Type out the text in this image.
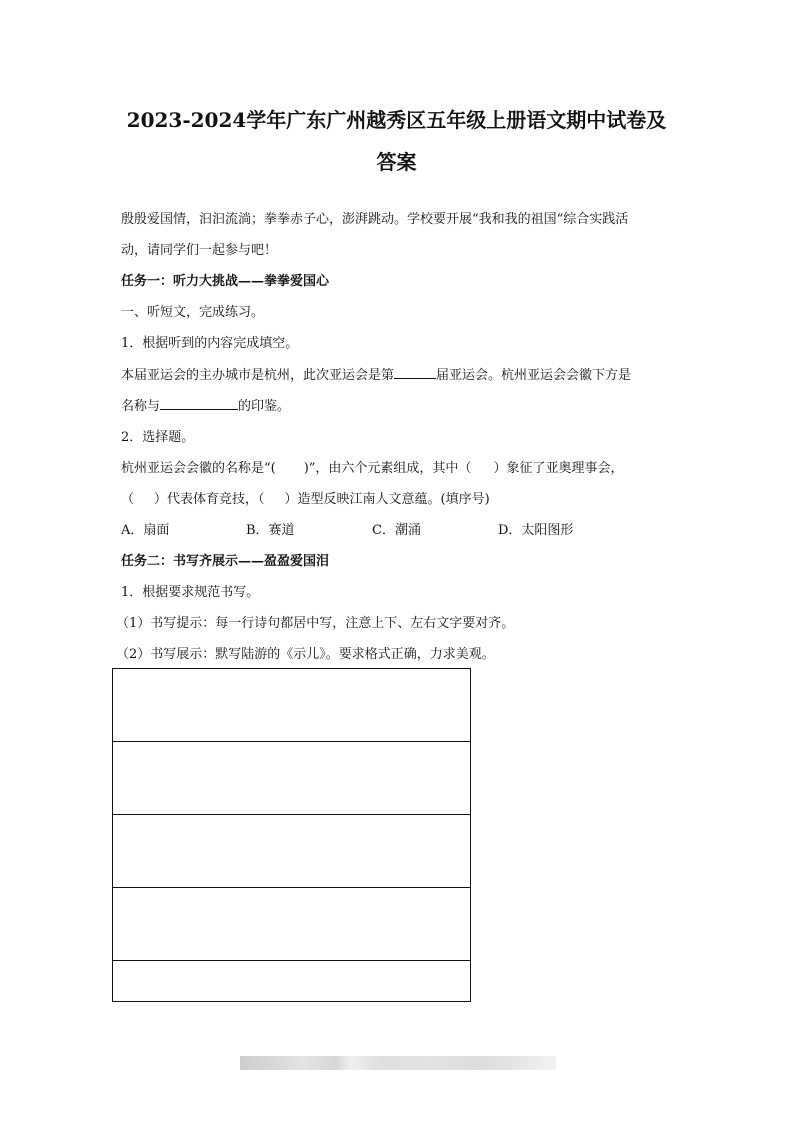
2023-2024学年广东广州越秀区五年级上册语文期中试卷及
答案
殷殷爱国情，汩汩流淌；拳拳赤子心，澎湃跳动。学校要开展“我和我的祖国“综合实践活
动，请同学们一起参与吧！
任务一：听力大挑战——拳拳爱国心
一、听短文，完成练习。
1．根据听到的内容完成填空。
本届亚运会的主办城市是杭州，此次亚运会是第	届亚运会。杭州亚运会会徽下方是
名称与	的印鉴。
2．选择题。
杭州亚运会会徽的名称是“( )”，由六个元素组成，其中（ ）象征了亚奥理事会，
（ ）代表体育竞技，（ ）造型反映江南人文意蕴。(填序号)
A．扇面	B．赛道	C．潮涌	D．太阳图形
任务二：书写齐展示——盈盈爱国泪
1．根据要求规范书写。
（1）书写提示：每一行诗句都居中写，注意上下、左右文字要对齐。
（2）书写展示：默写陆游的《示儿》。要求格式正确，力求美观。
